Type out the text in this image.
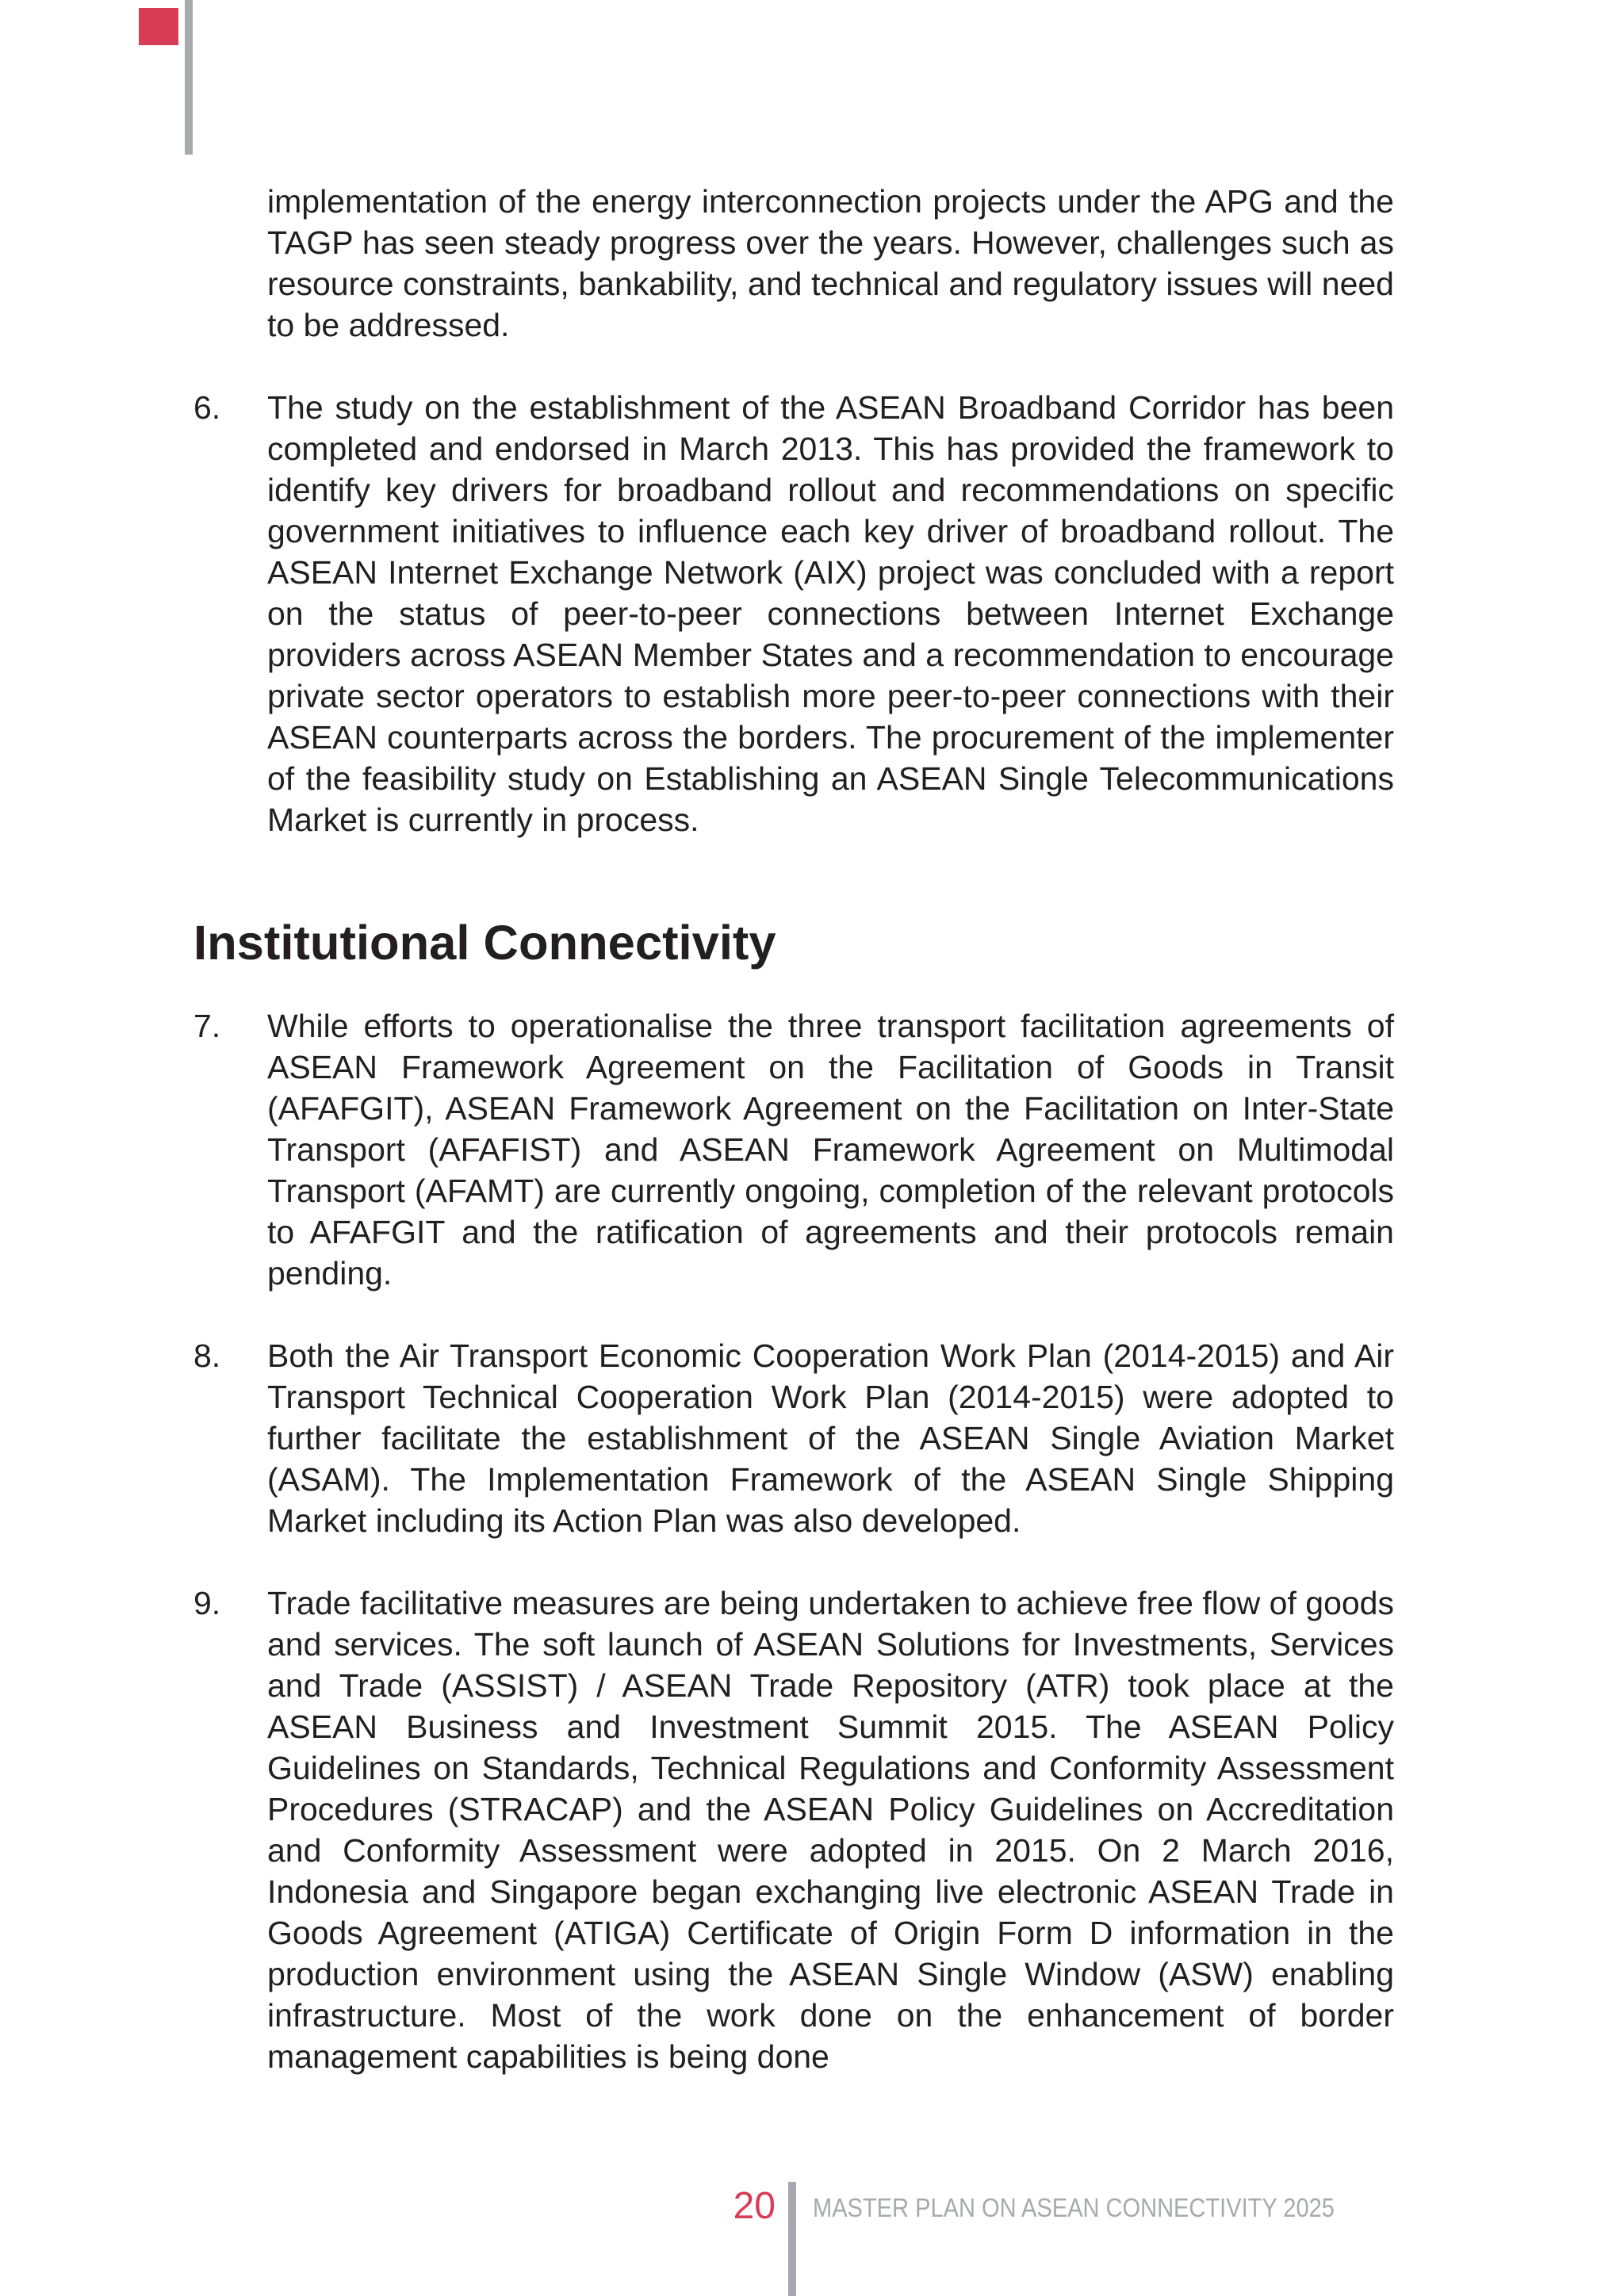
implementation of the energy interconnection projects under the APG and the TAGP has seen steady progress over the years. However, challenges such as resource constraints, bankability, and technical and regulatory issues will need to be addressed.

6. The study on the establishment of the ASEAN Broadband Corridor has been completed and endorsed in March 2013. This has provided the framework to identify key drivers for broadband rollout and recommendations on specific government initiatives to influence each key driver of broadband rollout. The ASEAN Internet Exchange Network (AIX) project was concluded with a report on the status of peer-to-peer connections between Internet Exchange providers across ASEAN Member States and a recommendation to encourage private sector operators to establish more peer-to-peer connections with their ASEAN counterparts across the borders. The procurement of the implementer of the feasibility study on Establishing an ASEAN Single Telecommunications Market is currently in process.
Institutional Connectivity
7. While efforts to operationalise the three transport facilitation agreements of ASEAN Framework Agreement on the Facilitation of Goods in Transit (AFAFGIT), ASEAN Framework Agreement on the Facilitation on Inter-State Transport (AFAFIST) and ASEAN Framework Agreement on Multimodal Transport (AFAMT) are currently ongoing, completion of the relevant protocols to AFAFGIT and the ratification of agreements and their protocols remain pending.
8. Both the Air Transport Economic Cooperation Work Plan (2014-2015) and Air Transport Technical Cooperation Work Plan (2014-2015) were adopted to further facilitate the establishment of the ASEAN Single Aviation Market (ASAM). The Implementation Framework of the ASEAN Single Shipping Market including its Action Plan was also developed.
9. Trade facilitative measures are being undertaken to achieve free flow of goods and services. The soft launch of ASEAN Solutions for Investments, Services and Trade (ASSIST) / ASEAN Trade Repository (ATR) took place at the ASEAN Business and Investment Summit 2015. The ASEAN Policy Guidelines on Standards, Technical Regulations and Conformity Assessment Procedures (STRACAP) and the ASEAN Policy Guidelines on Accreditation and Conformity Assessment were adopted in 2015. On 2 March 2016, Indonesia and Singapore began exchanging live electronic ASEAN Trade in Goods Agreement (ATIGA) Certificate of Origin Form D information in the production environment using the ASEAN Single Window (ASW) enabling infrastructure. Most of the work done on the enhancement of border management capabilities is being done
20 MASTER PLAN ON ASEAN CONNECTIVITY 2025
